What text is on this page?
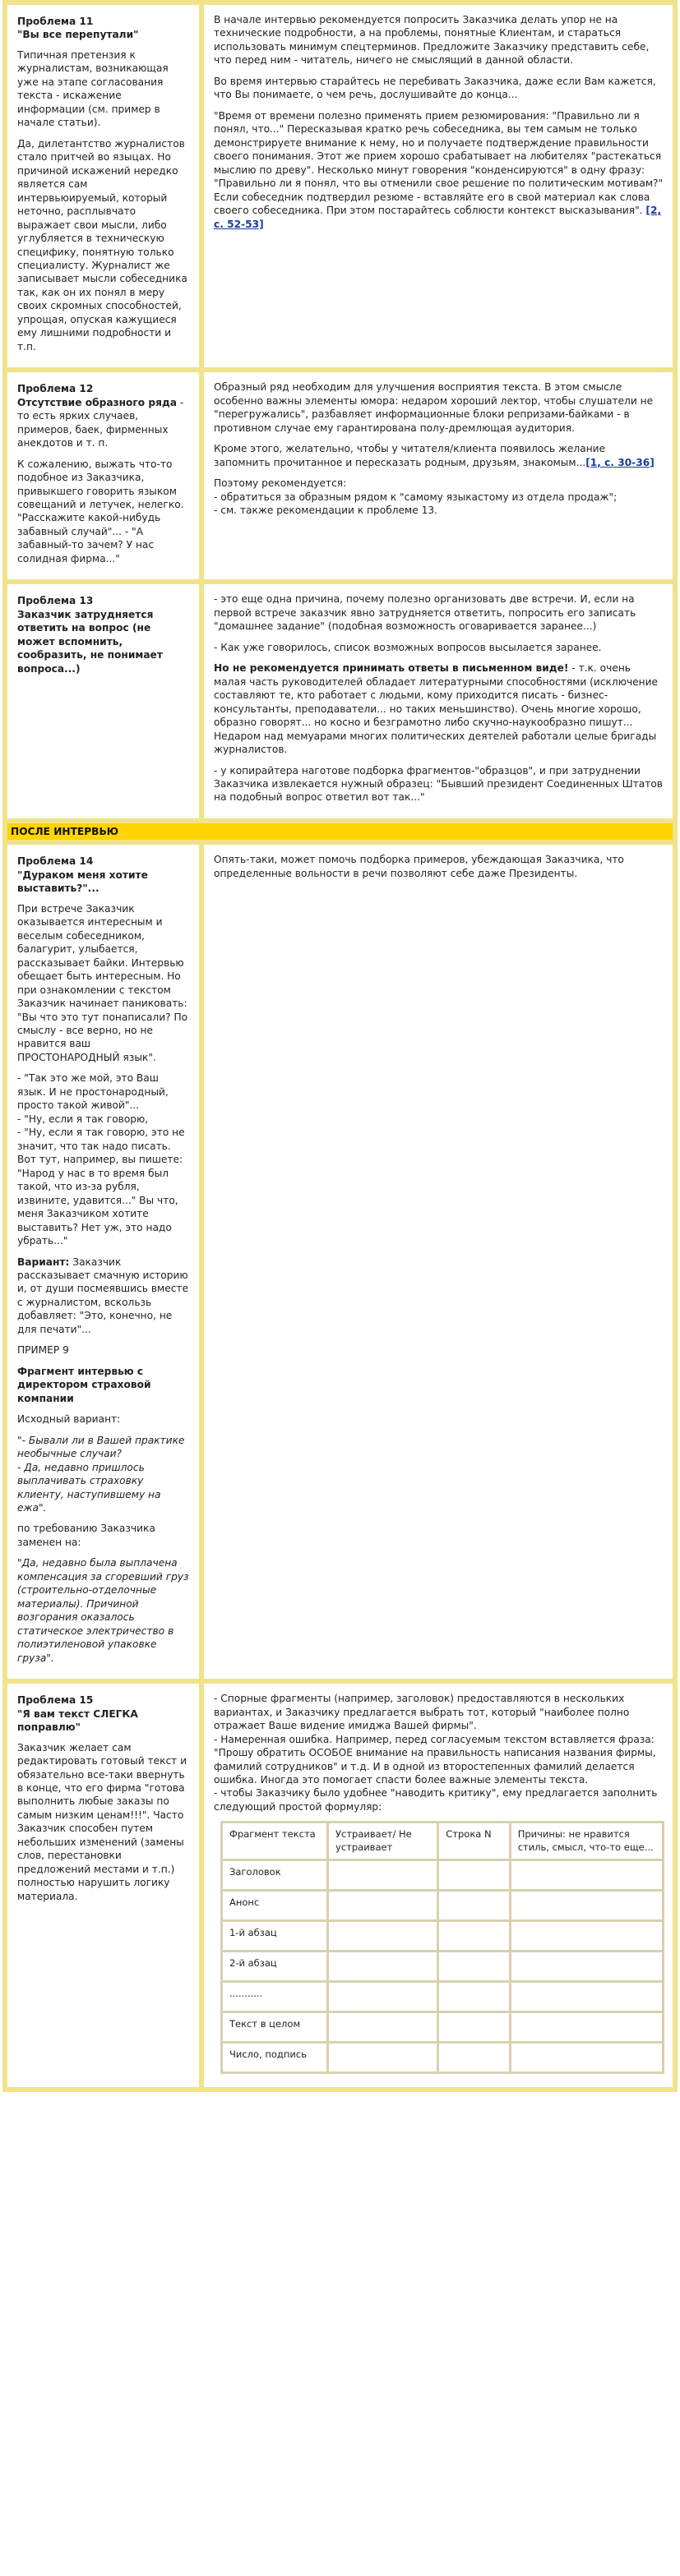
Проблема 11
"Вы все перепутали"

Типичная претензия к журналистам, возникающая уже на этапе согласования текста - искажение информации (см. пример в начале статьи).

Да, дилетантство журналистов стало притчей во языцах. Но причиной искажений нередко является сам интервьюируемый, который неточно, расплывчато выражает свои мысли, либо углубляется в техническую специфику, понятную только специалисту. Журналист же записывает мысли собеседника так, как он их понял в меру своих скромных способностей, упрощая, опуская кажущиеся ему лишними подробности и т.п.

В начале интервью рекомендуется попросить Заказчика делать упор не на технические подробности, а на проблемы, понятные Клиентам, и стараться использовать минимум спецтерминов. Предложите Заказчику представить себе, что перед ним - читатель, ничего не смыслящий в данной области.

Во время интервью старайтесь не перебивать Заказчика, даже если Вам кажется, что Вы понимаете, о чем речь, дослушивайте до конца...

"Время от времени полезно применять прием резюмирования: "Правильно ли я понял, что..." Пересказывая кратко речь собеседника, вы тем самым не только демонстрируете внимание к нему, но и получаете подтверждение правильности своего понимания. Этот же прием хорошо срабатывает на любителях "растекаться мыслию по древу". Несколько минут говорения "конденсируются" в одну фразу: "Правильно ли я понял, что вы отменили свое решение по политическим мотивам?" Если собеседник подтвердил резюме - вставляйте его в свой материал как слова своего собеседника. При этом постарайтесь соблюсти контекст высказывания". [2, с. 52-53]

Проблема 12
Отсутствие образного ряда - то есть ярких случаев, примеров, баек, фирменных анекдотов и т. п.

К сожалению, выжать что-то подобное из Заказчика, привыкшего говорить языком совещаний и летучек, нелегко. "Расскажите какой-нибудь забавный случай"... - "А забавный-то зачем? У нас солидная фирма..."

Образный ряд необходим для улучшения восприятия текста. В этом смысле особенно важны элементы юмора: недаром хороший лектор, чтобы слушатели не "перегружались", разбавляет информационные блоки репризами-байками - в противном случае ему гарантирована полу-дремлющая аудитория.

Кроме этого, желательно, чтобы у читателя/клиента появилось желание запомнить прочитанное и пересказать родным, друзьям, знакомым...[1, с. 30-36]

Поэтому рекомендуется:
- обратиться за образным рядом к "самому языкастому из отдела продаж";
- см. также рекомендации к проблеме 13.

Проблема 13
Заказчик затрудняется ответить на вопрос (не может вспомнить, сообразить, не понимает вопроса...)

- это еще одна причина, почему полезно организовать две встречи. И, если на первой встрече заказчик явно затрудняется ответить, попросить его записать "домашнее задание" (подобная возможность оговаривается заранее...)

- Как уже говорилось, список возможных вопросов высылается заранее.

Но не рекомендуется принимать ответы в письменном виде! - т.к. очень малая часть руководителей обладает литературными способностями (исключение составляют те, кто работает с людьми, кому приходится писать - бизнес-консультанты, преподаватели... но таких меньшинство). Очень многие хорошо, образно говорят... но косно и безграмотно либо скучно-наукообразно пишут... Недаром над мемуарами многих политических деятелей работали целые бригады журналистов.

- у копирайтера наготове подборка фрагментов-"образцов", и при затруднении Заказчика извлекается нужный образец: "Бывший президент Соединенных Штатов на подобный вопрос ответил вот так..."

ПОСЛЕ ИНТЕРВЬЮ

Проблема 14
"Дураком меня хотите выставить?"...

При встрече Заказчик оказывается интересным и веселым собеседником, балагурит, улыбается, рассказывает байки. Интервью обещает быть интересным. Но при ознакомлении с текстом Заказчик начинает паниковать: "Вы что это тут понаписали? По смыслу - все верно, но не нравится ваш ПРОСТОНАРОДНЫЙ язык".

- "Так это же мой, это Ваш язык. И не простонародный, просто такой живой"...
- "Ну, если я так говорю,
- "Ну, если я так говорю, это не значит, что так надо писать. Вот тут, например, вы пишете: "Народ у нас в то время был такой, что из-за рубля, извините, удавится..." Вы что, меня Заказчиком хотите выставить? Нет уж, это надо убрать..."

Вариант: Заказчик рассказывает смачную историю и, от души посмеявшись вместе с журналистом, вскользь добавляет: "Это, конечно, не для печати"...

ПРИМЕР 9

Фрагмент интервью с директором страховой компании

Исходный вариант:

"- Бывали ли в Вашей практике необычные случаи?
- Да, недавно пришлось выплачивать страховку клиенту, наступившему на ежа".

по требованию Заказчика заменен на:

"Да, недавно была выплачена компенсация за сгоревший груз (строительно-отделочные материалы). Причиной возгорания оказалось статическое электричество в полиэтиленовой упаковке груза".

Опять-таки, может помочь подборка примеров, убеждающая Заказчика, что определенные вольности в речи позволяют себе даже Президенты.

Проблема 15
"Я вам текст СЛЕГКА поправлю"

Заказчик желает сам редактировать готовый текст и обязательно все-таки ввернуть в конце, что его фирма "готова выполнить любые заказы по самым низким ценам!!!". Часто Заказчик способен путем небольших изменений (замены слов, перестановки предложений местами и т.п.) полностью нарушить логику материала.

- Спорные фрагменты (например, заголовок) предоставляются в нескольких вариантах, и Заказчику предлагается выбрать тот, который "наиболее полно отражает Ваше видение имиджа Вашей фирмы".
- Намеренная ошибка. Например, перед согласуемым текстом вставляется фраза: "Прошу обратить ОСОБОЕ внимание на правильность написания названия фирмы, фамилий сотрудников" и т.д. И в одной из второстепенных фамилий делается ошибка. Иногда это помогает спасти более важные элементы текста.
- чтобы Заказчику было удобнее "наводить критику", ему предлагается заполнить следующий простой формуляр:

Фрагмент текста	Устраивает/ Не устраивает	Строка N	Причины: не нравится стиль, смысл, что-то еще...
Заголовок			
Анонс			
1-й абзац			
2-й абзац			
...........			
Текст в целом			
Число, подпись			
